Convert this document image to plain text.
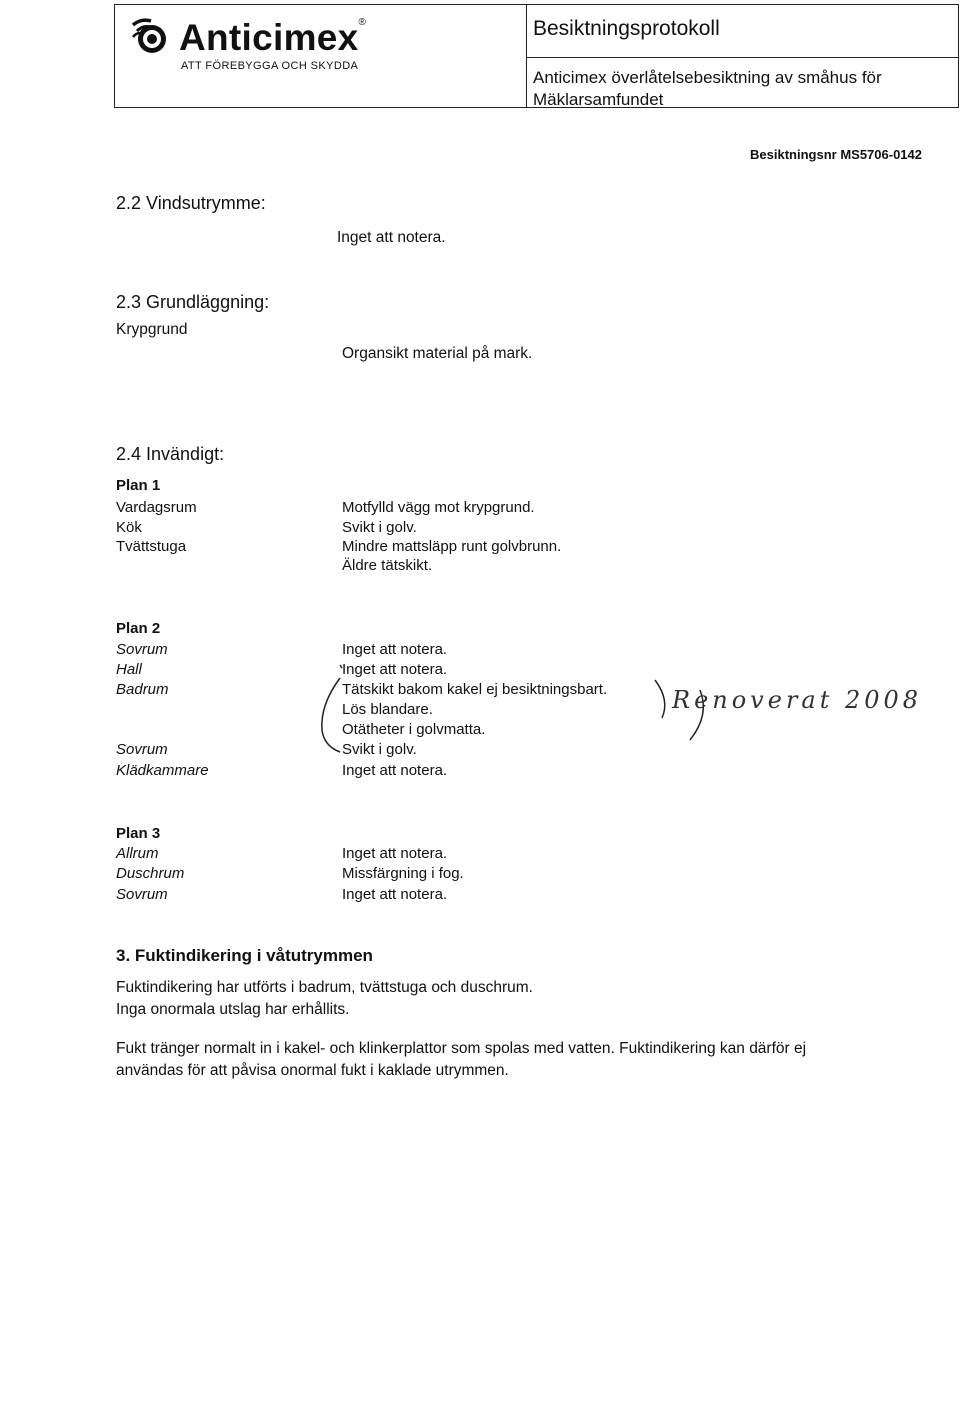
Anticimex®
ATT FÖREBYGGA OCH SKYDDA
Besiktningsprotokoll
Anticimex överlåtelsebesiktning av småhus för Mäklarsamfundet
Besiktningsnr MS5706-0142
2.2 Vindsutrymme:
Inget att notera.
2.3 Grundläggning:
Krypgrund
Organsikt material på mark.
2.4 Invändigt:
Plan 1
Vardagsrum
Kök
Tvättstuga
Motfylld vägg mot krypgrund.
Svikt i golv.
Mindre mattsläpp runt golvbrunn.
Äldre tätskikt.
Plan 2
Sovrum
Hall
Badrum
Sovrum
Klädkammare
Inget att notera.
Inget att notera.
Tätskikt bakom kakel ej besiktningsbart.
Lös blandare.
Otätheter i golvmatta.
Svikt i golv.
Inget att notera.
Renoverat 2008
Plan 3
Allrum
Duschrum
Sovrum
Inget att notera.
Missfärgning i fog.
Inget att notera.
3. Fuktindikering i våtutrymmen
Fuktindikering har utförts i badrum, tvättstuga och duschrum.
Inga onormala utslag har erhållits.
Fukt tränger normalt in i kakel- och klinkerplattor som spolas med vatten. Fuktindikering kan därför ej
användas för att påvisa onormal fukt i kaklade utrymmen.
